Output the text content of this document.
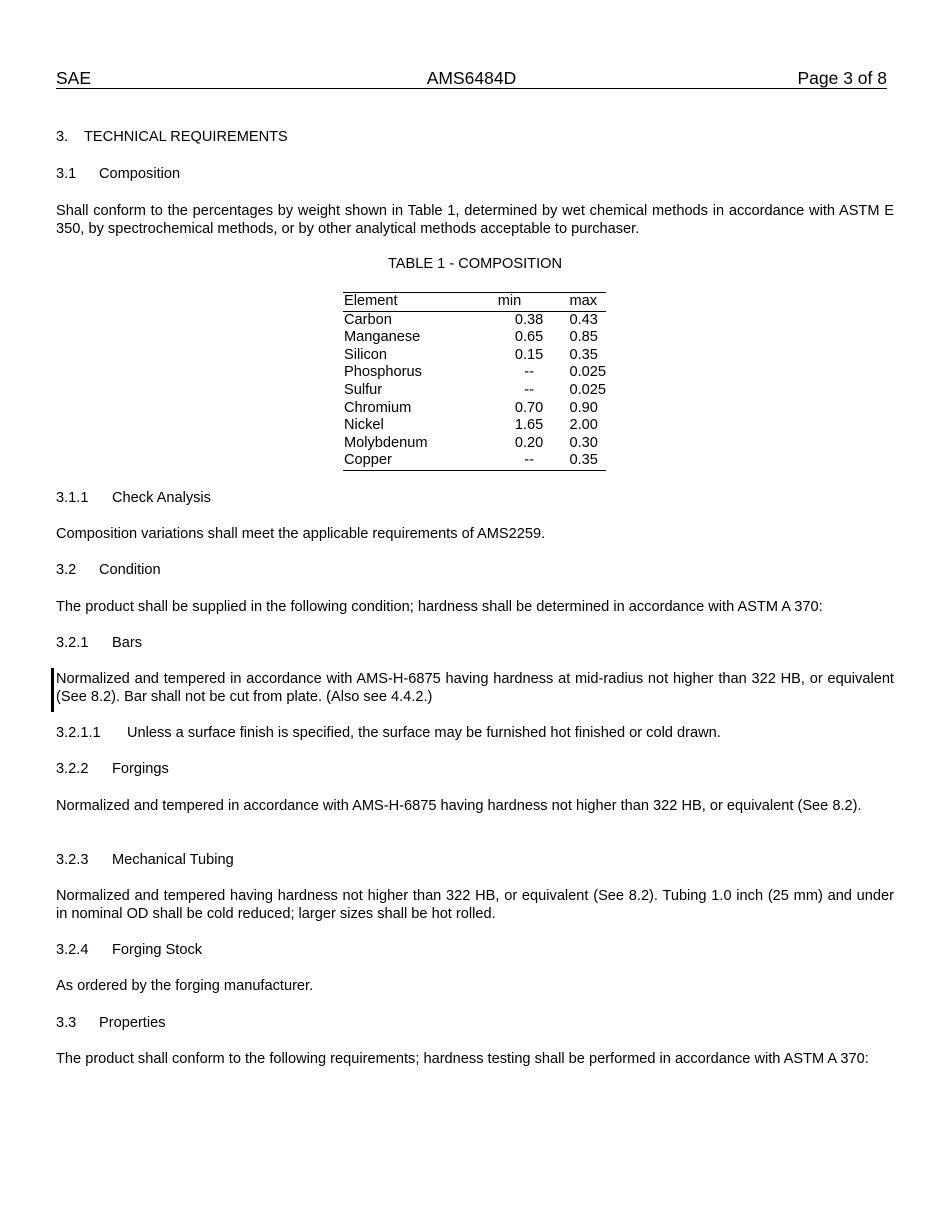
SAE	AMS6484D	Page 3 of 8
3. TECHNICAL REQUIREMENTS
3.1 Composition
Shall conform to the percentages by weight shown in Table 1, determined by wet chemical methods in accordance with ASTM E 350, by spectrochemical methods, or by other analytical methods acceptable to purchaser.
TABLE 1 - COMPOSITION
Element	min	max
Carbon	0.38	0.43
Manganese	0.65	0.85
Silicon	0.15	0.35
Phosphorus	--	0.025
Sulfur	--	0.025
Chromium	0.70	0.90
Nickel	1.65	2.00
Molybdenum	0.20	0.30
Copper	--	0.35
3.1.1 Check Analysis
Composition variations shall meet the applicable requirements of AMS2259.
3.2 Condition
The product shall be supplied in the following condition; hardness shall be determined in accordance with ASTM A 370:
3.2.1 Bars
Normalized and tempered in accordance with AMS-H-6875 having hardness at mid-radius not higher than 322 HB, or equivalent (See 8.2). Bar shall not be cut from plate. (Also see 4.4.2.)
3.2.1.1 Unless a surface finish is specified, the surface may be furnished hot finished or cold drawn.
3.2.2 Forgings
Normalized and tempered in accordance with AMS-H-6875 having hardness not higher than 322 HB, or equivalent (See 8.2).
3.2.3 Mechanical Tubing
Normalized and tempered having hardness not higher than 322 HB, or equivalent (See 8.2). Tubing 1.0 inch (25 mm) and under in nominal OD shall be cold reduced; larger sizes shall be hot rolled.
3.2.4 Forging Stock
As ordered by the forging manufacturer.
3.3 Properties
The product shall conform to the following requirements; hardness testing shall be performed in accordance with ASTM A 370:
